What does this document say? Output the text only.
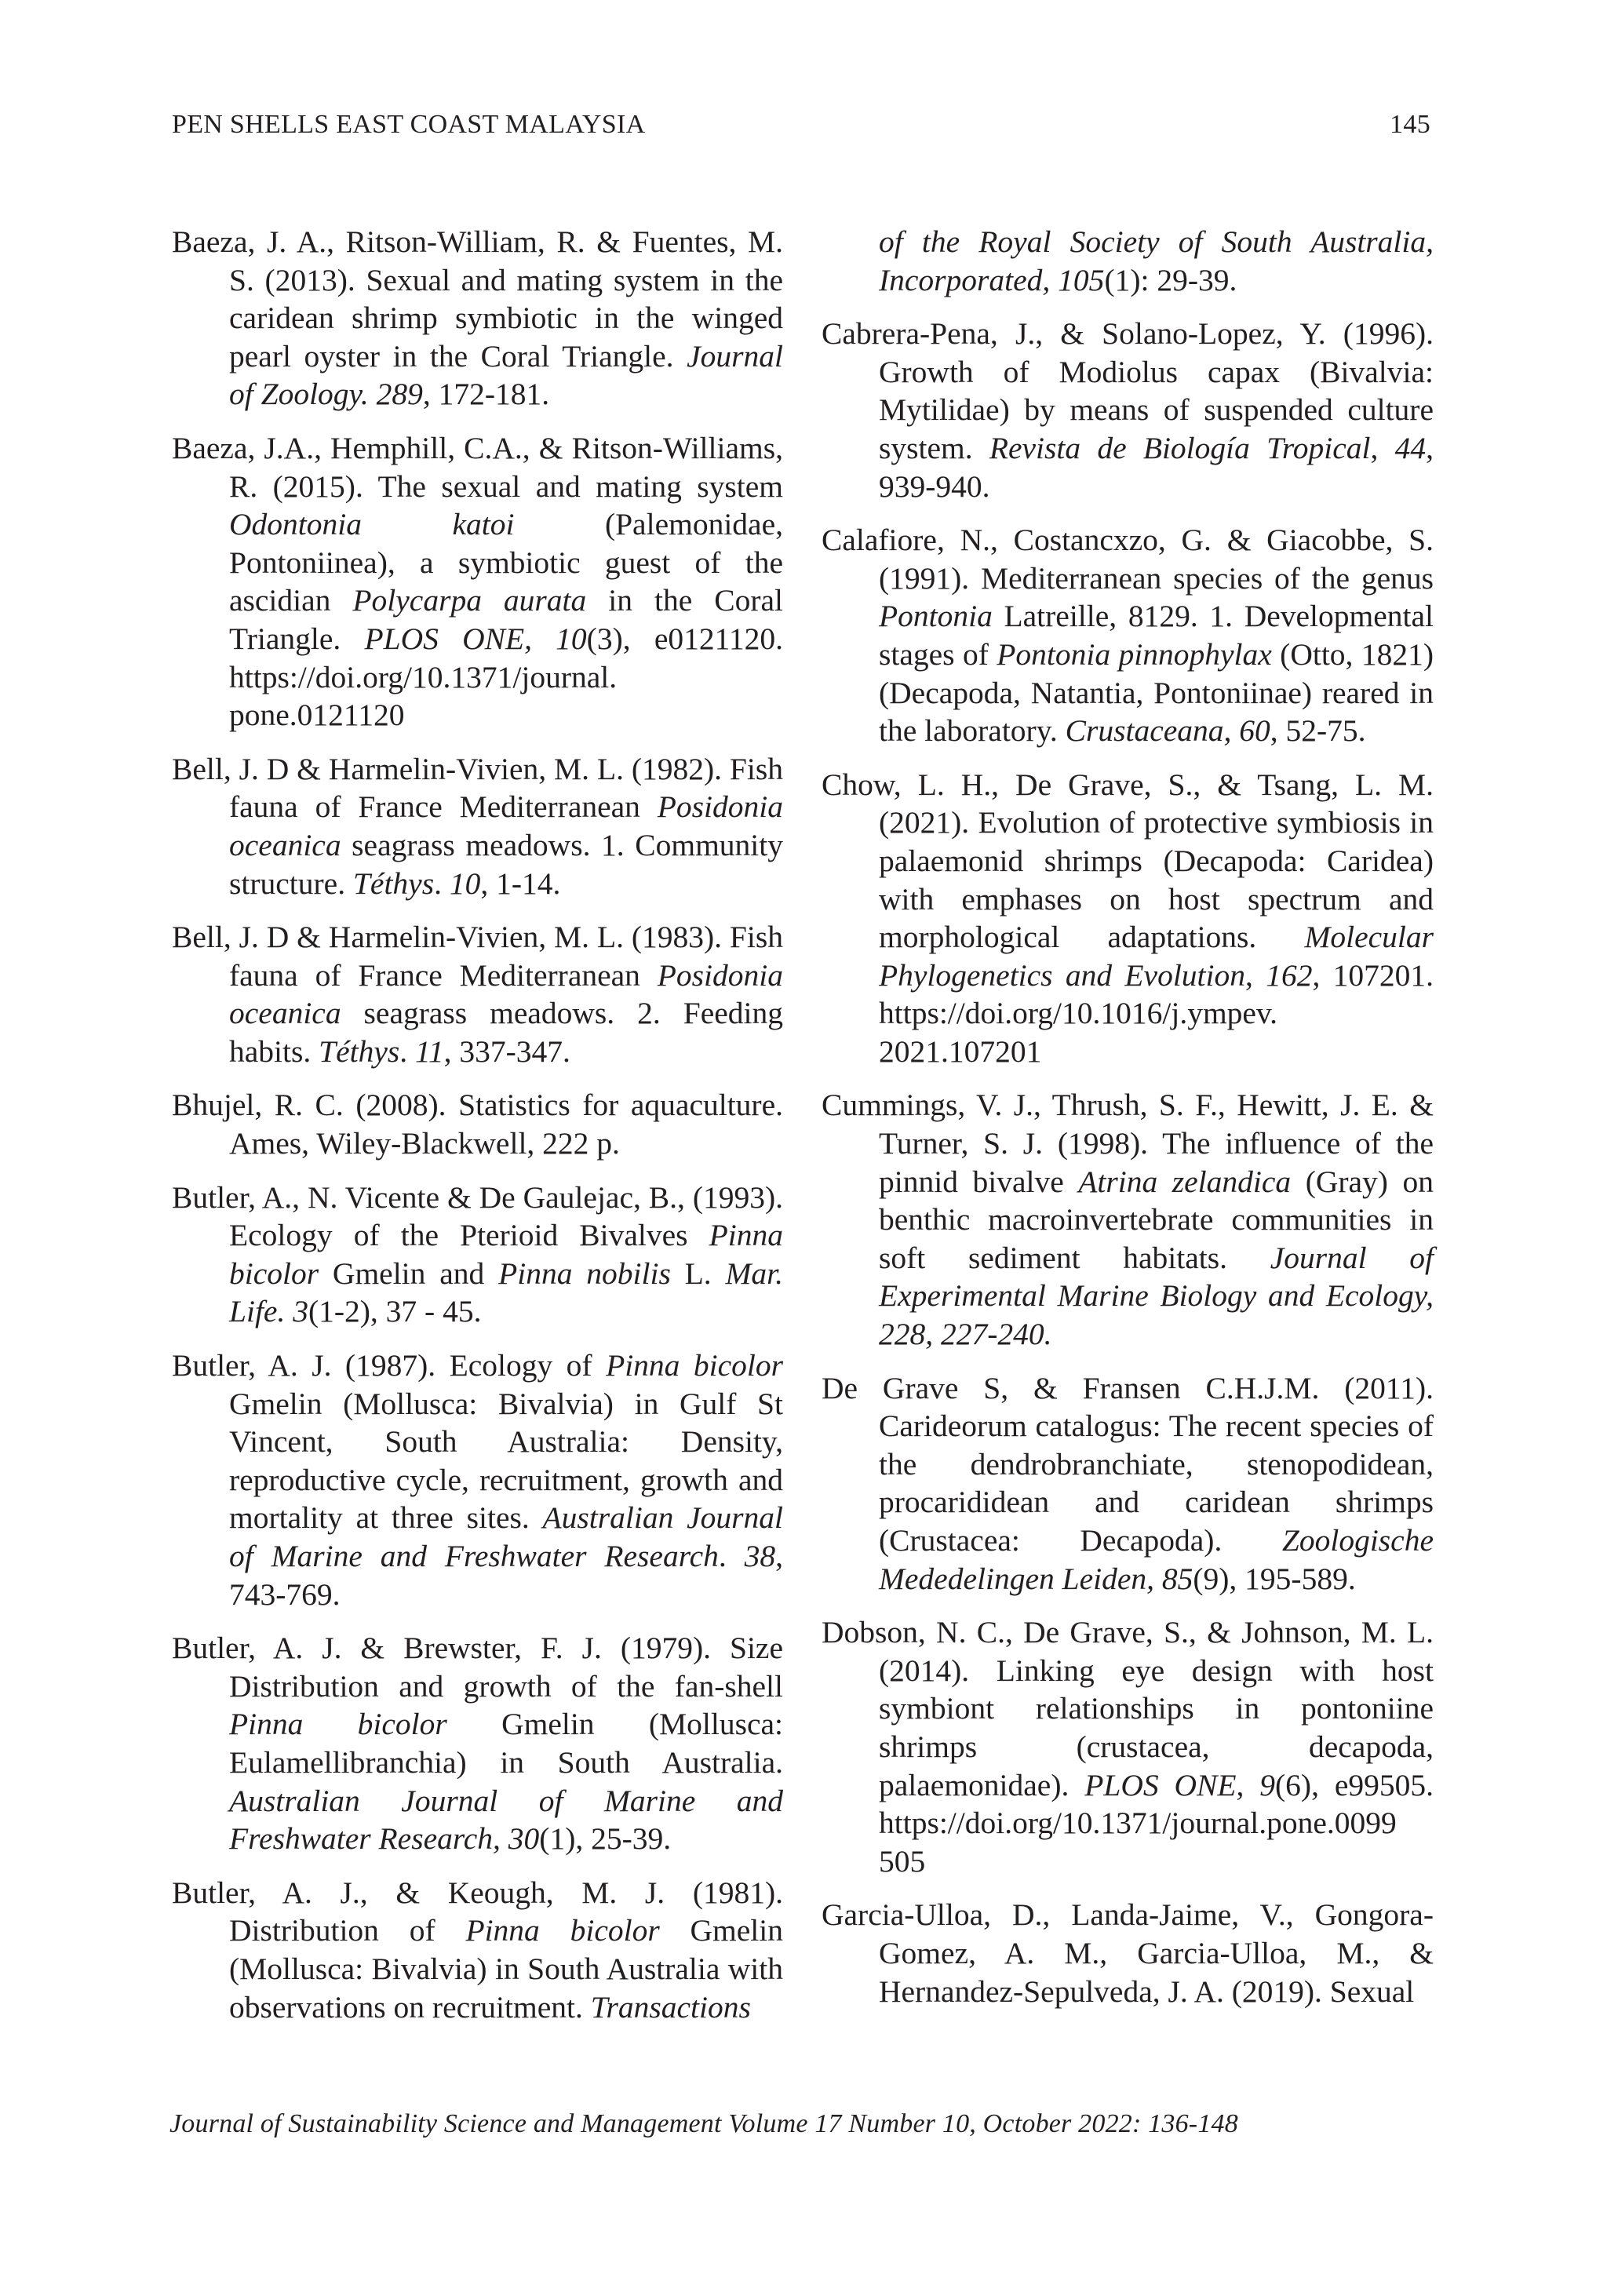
PEN SHELLS EAST COAST MALAYSIA	145

Baeza, J. A., Ritson-William, R. & Fuentes, M. S. (2013). Sexual and mating system in the caridean shrimp symbiotic in the winged pearl oyster in the Coral Triangle. Journal of Zoology. 289, 172-181.

Baeza, J.A., Hemphill, C.A., & Ritson-Williams, R. (2015). The sexual and mating system Odontonia katoi (Palemonidae, Pontoniinea), a symbiotic guest of the ascidian Polycarpa aurata in the Coral Triangle. PLOS ONE, 10(3), e0121120. https://doi.org/10.1371/journal. pone.0121120

Bell, J. D & Harmelin-Vivien, M. L. (1982). Fish fauna of France Mediterranean Posidonia oceanica seagrass meadows. 1. Community structure. Téthys. 10, 1-14.

Bell, J. D & Harmelin-Vivien, M. L. (1983). Fish fauna of France Mediterranean Posidonia oceanica seagrass meadows. 2. Feeding habits. Téthys. 11, 337-347.

Bhujel, R. C. (2008). Statistics for aquaculture. Ames, Wiley-Blackwell, 222 p.

Butler, A., N. Vicente & De Gaulejac, B., (1993). Ecology of the Pterioid Bivalves Pinna bicolor Gmelin and Pinna nobilis L. Mar. Life. 3(1-2), 37 - 45.

Butler, A. J. (1987). Ecology of Pinna bicolor Gmelin (Mollusca: Bivalvia) in Gulf St Vincent, South Australia: Density, reproductive cycle, recruitment, growth and mortality at three sites. Australian Journal of Marine and Freshwater Research. 38, 743-769.

Butler, A. J. & Brewster, F. J. (1979). Size Distribution and growth of the fan-shell Pinna bicolor Gmelin (Mollusca: Eulamellibranchia) in South Australia. Australian Journal of Marine and Freshwater Research, 30(1), 25-39.

Butler, A. J., & Keough, M. J. (1981). Distribution of Pinna bicolor Gmelin (Mollusca: Bivalvia) in South Australia with observations on recruitment. Transactions

of the Royal Society of South Australia, Incorporated, 105(1): 29-39.

Cabrera-Pena, J., & Solano-Lopez, Y. (1996). Growth of Modiolus capax (Bivalvia: Mytilidae) by means of suspended culture system. Revista de Biología Tropical, 44, 939-940.

Calafiore, N., Costancxzo, G. & Giacobbe, S. (1991). Mediterranean species of the genus Pontonia Latreille, 8129. 1. Developmental stages of Pontonia pinnophylax (Otto, 1821) (Decapoda, Natantia, Pontoniinae) reared in the laboratory. Crustaceana, 60, 52-75.

Chow, L. H., De Grave, S., & Tsang, L. M. (2021). Evolution of protective symbiosis in palaemonid shrimps (Decapoda: Caridea) with emphases on host spectrum and morphological adaptations. Molecular Phylogenetics and Evolution, 162, 107201. https://doi.org/10.1016/j.ympev. 2021.107201

Cummings, V. J., Thrush, S. F., Hewitt, J. E. & Turner, S. J. (1998). The influence of the pinnid bivalve Atrina zelandica (Gray) on benthic macroinvertebrate communities in soft sediment habitats. Journal of Experimental Marine Biology and Ecology, 228, 227-240.

De Grave S, & Fransen C.H.J.M. (2011). Carideorum catalogus: The recent species of the dendrobranchiate, stenopodidean, procarididean and caridean shrimps (Crustacea: Decapoda). Zoologische Mededelingen Leiden, 85(9), 195-589.

Dobson, N. C., De Grave, S., & Johnson, M. L. (2014). Linking eye design with host symbiont relationships in pontoniine shrimps (crustacea, decapoda, palaemonidae). PLOS ONE, 9(6), e99505. https://doi.org/10.1371/journal.pone.0099 505

Garcia-Ulloa, D., Landa-Jaime, V., Gongora-Gomez, A. M., Garcia-Ulloa, M., & Hernandez-Sepulveda, J. A. (2019). Sexual

Journal of Sustainability Science and Management Volume 17 Number 10, October 2022: 136-148
